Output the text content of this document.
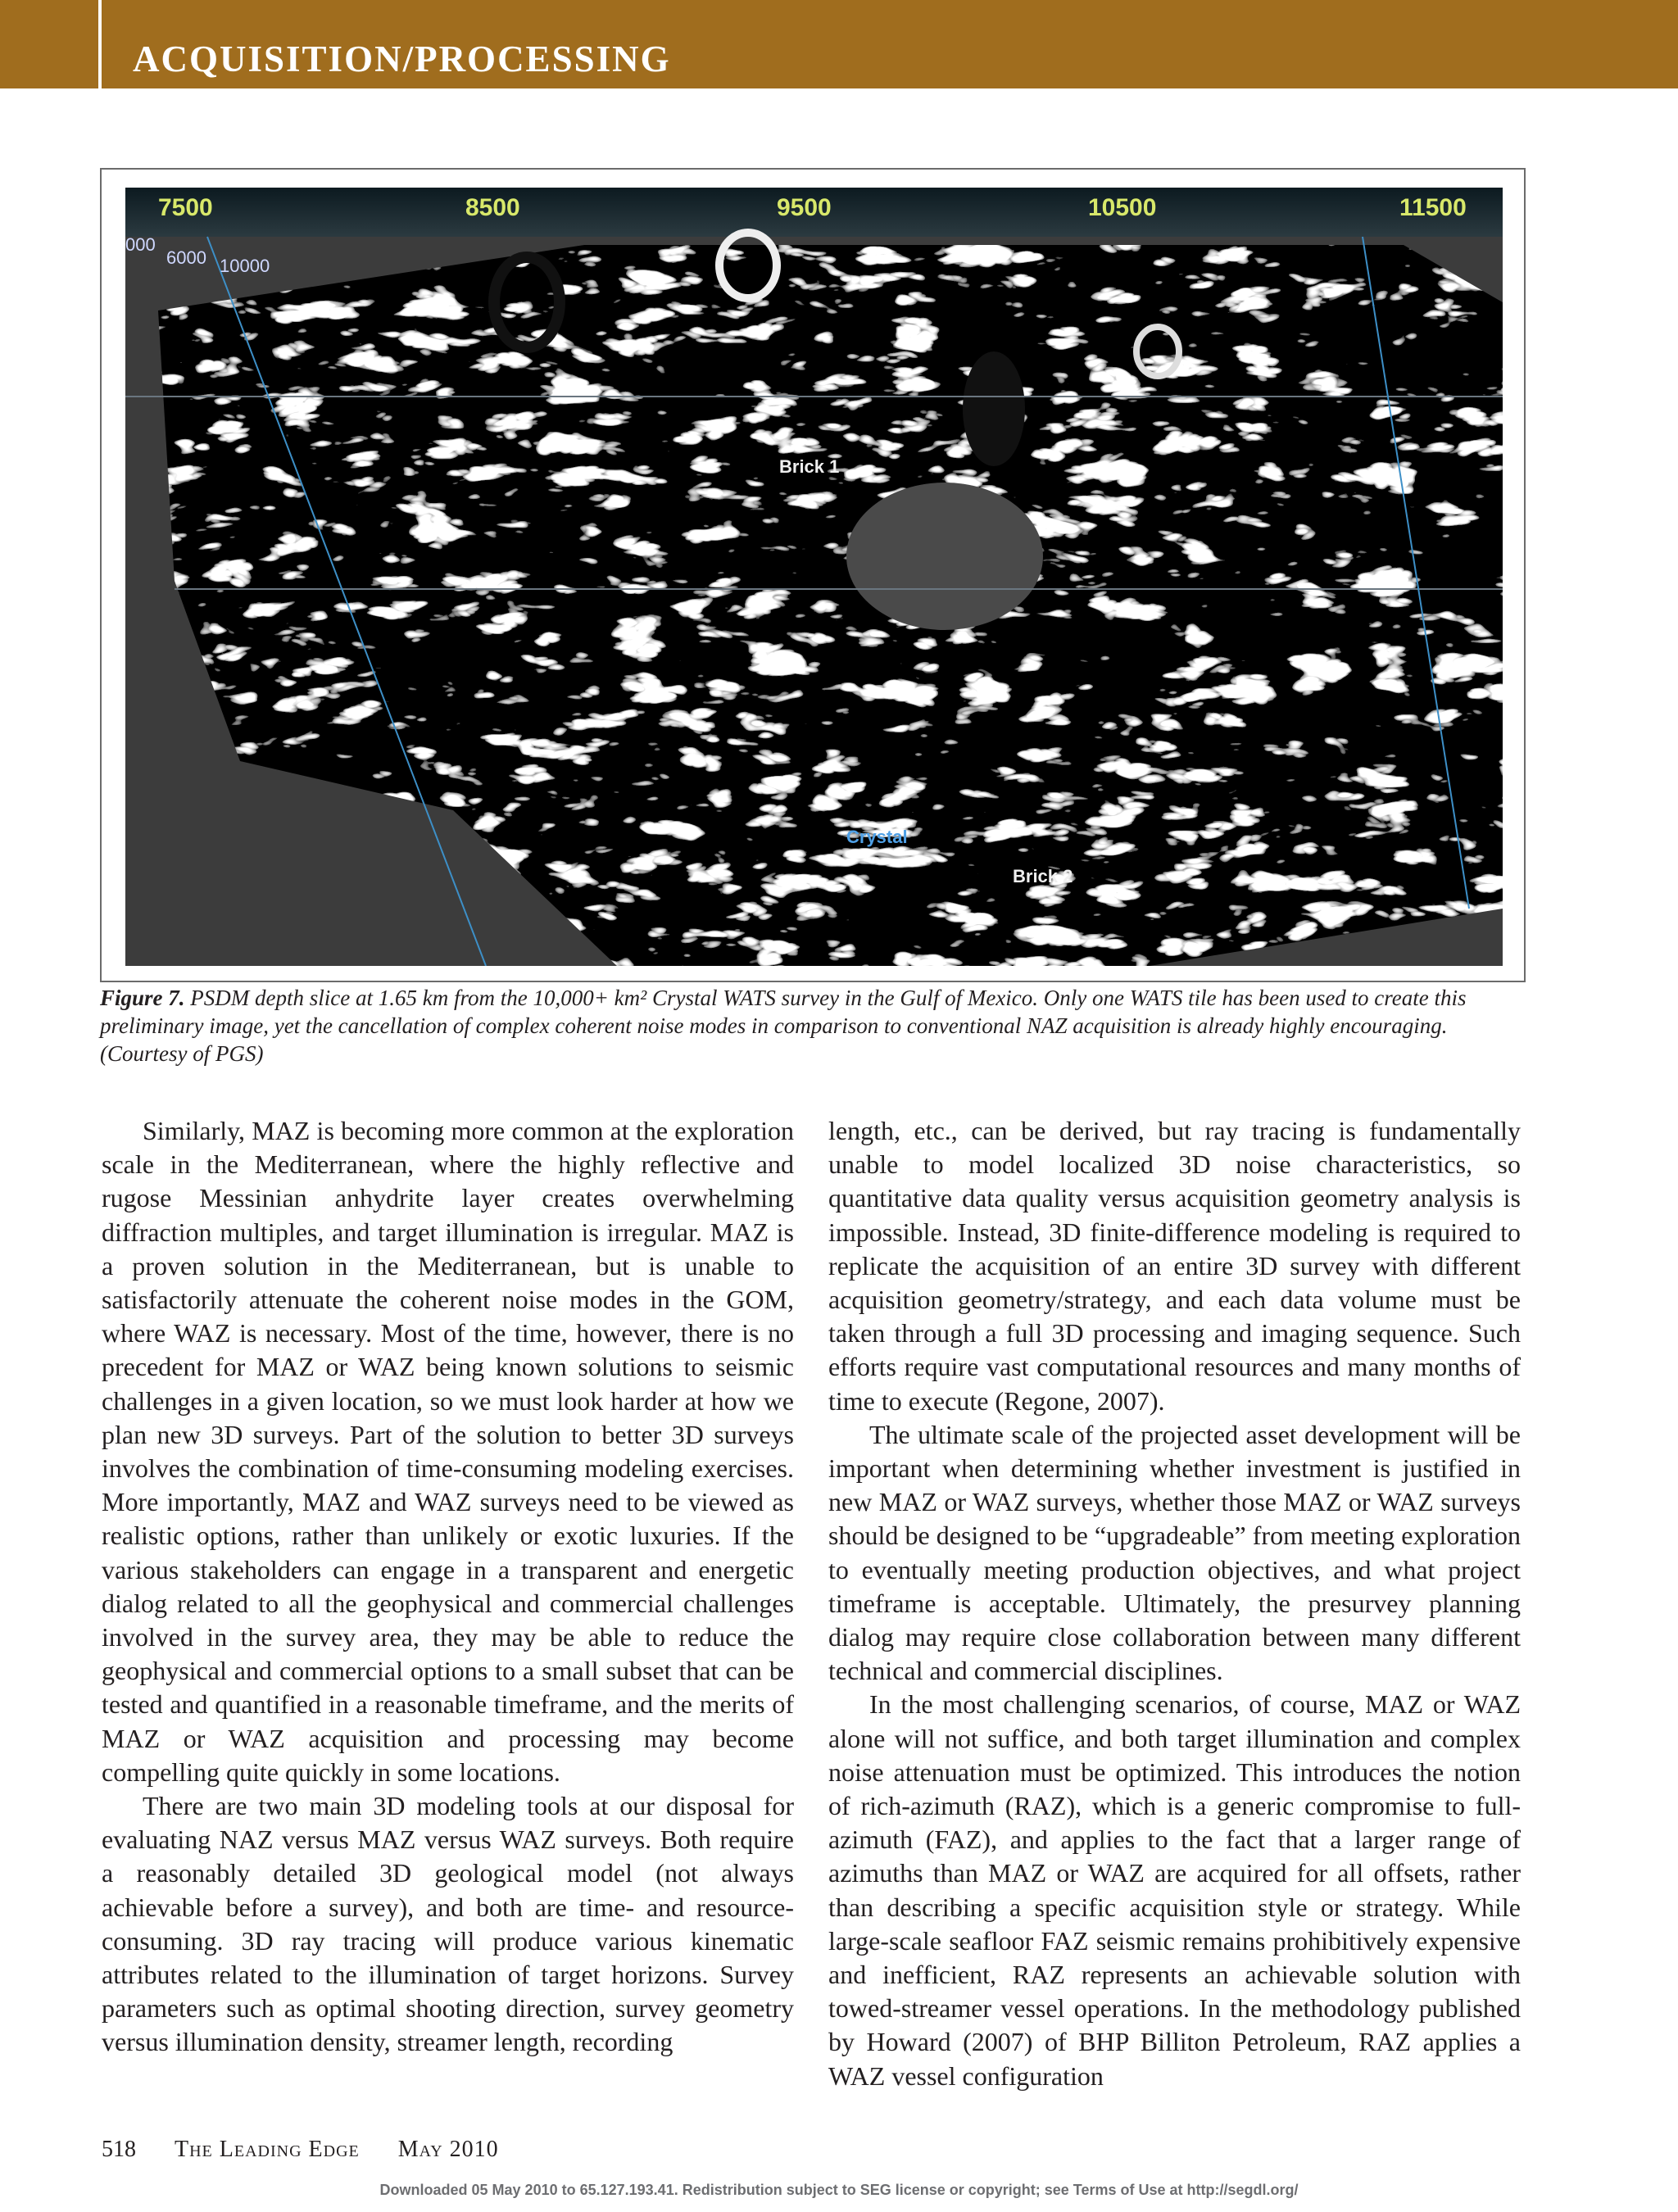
ACQUISITION/PROCESSING
7500	8500	9500	10500	11500
000
6000 10000
Brick 1
Crystal
Brick 2
Figure 7. PSDM depth slice at 1.65 km from the 10,000+ km² Crystal WATS survey in the Gulf of Mexico. Only one WATS tile has been used to create this preliminary image, yet the cancellation of complex coherent noise modes in comparison to conventional NAZ acquisition is already highly encouraging. (Courtesy of PGS)

Similarly, MAZ is becoming more common at the exploration scale in the Mediterranean, where the highly reflective and rugose Messinian anhydrite layer creates overwhelming diffraction multiples, and target illumination is irregular. MAZ is a proven solution in the Mediterranean, but is unable to satisfactorily attenuate the coherent noise modes in the GOM, where WAZ is necessary. Most of the time, however, there is no precedent for MAZ or WAZ being known solutions to seismic challenges in a given location, so we must look harder at how we plan new 3D surveys. Part of the solution to better 3D surveys involves the combination of time-consuming modeling exercises. More importantly, MAZ and WAZ surveys need to be viewed as realistic options, rather than unlikely or exotic luxuries. If the various stakeholders can engage in a transparent and energetic dialog related to all the geophysical and commercial challenges involved in the survey area, they may be able to reduce the geophysical and commercial options to a small subset that can be tested and quantified in a reasonable timeframe, and the merits of MAZ or WAZ acquisition and processing may become compelling quite quickly in some locations.

There are two main 3D modeling tools at our disposal for evaluating NAZ versus MAZ versus WAZ surveys. Both require a reasonably detailed 3D geological model (not always achievable before a survey), and both are time- and resource-consuming. 3D ray tracing will produce various kinematic attributes related to the illumination of target horizons. Survey parameters such as optimal shooting direction, survey geometry versus illumination density, streamer length, recording

length, etc., can be derived, but ray tracing is fundamentally unable to model localized 3D noise characteristics, so quantitative data quality versus acquisition geometry analysis is impossible. Instead, 3D finite-difference modeling is required to replicate the acquisition of an entire 3D survey with different acquisition geometry/strategy, and each data volume must be taken through a full 3D processing and imaging sequence. Such efforts require vast computational resources and many months of time to execute (Regone, 2007).

The ultimate scale of the projected asset development will be important when determining whether investment is justified in new MAZ or WAZ surveys, whether those MAZ or WAZ surveys should be designed to be “upgradeable” from meeting exploration to eventually meeting production objectives, and what project timeframe is acceptable. Ultimately, the presurvey planning dialog may require close collaboration between many different technical and commercial disciplines.

In the most challenging scenarios, of course, MAZ or WAZ alone will not suffice, and both target illumination and complex noise attenuation must be optimized. This introduces the notion of rich-azimuth (RAZ), which is a generic compromise to full-azimuth (FAZ), and applies to the fact that a larger range of azimuths than MAZ or WAZ are acquired for all offsets, rather than describing a specific acquisition style or strategy. While large-scale seafloor FAZ seismic remains prohibitively expensive and inefficient, RAZ represents an achievable solution with towed-streamer vessel operations. In the methodology published by Howard (2007) of BHP Billiton Petroleum, RAZ applies a WAZ vessel configuration

518 The Leading Edge May 2010
Downloaded 05 May 2010 to 65.127.193.41. Redistribution subject to SEG license or copyright; see Terms of Use at http://segdl.org/
